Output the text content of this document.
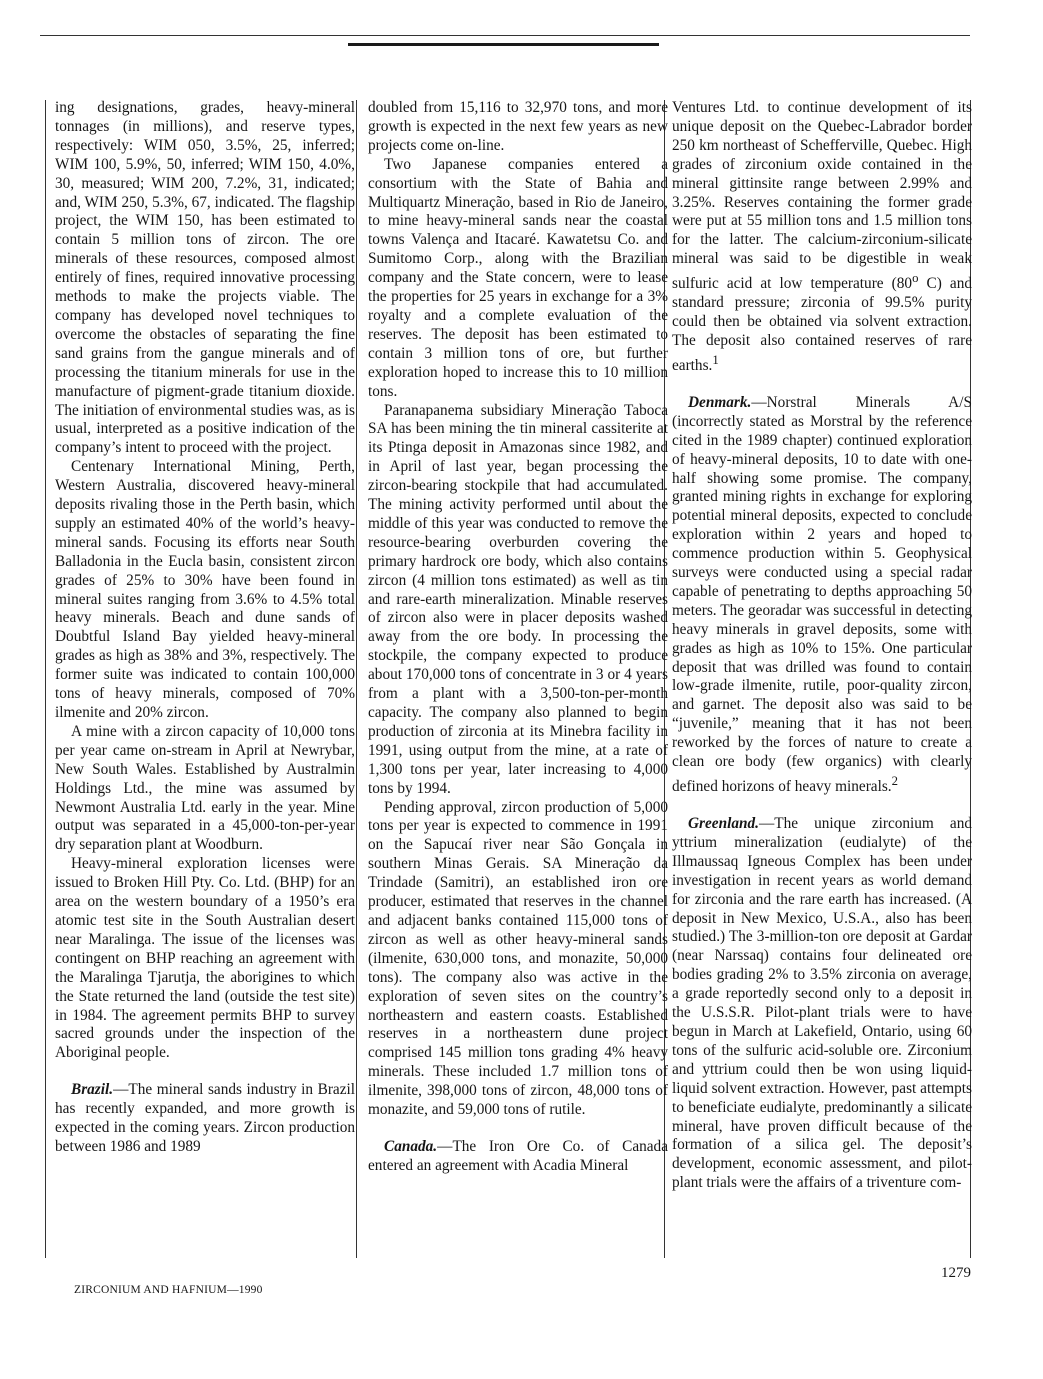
ing designations, grades, heavy-mineral tonnages (in millions), and reserve types, respectively: WIM 050, 3.5%, 25, inferred; WIM 100, 5.9%, 50, inferred; WIM 150, 4.0%, 30, measured; WIM 200, 7.2%, 31, indicated; and, WIM 250, 5.3%, 67, indicated. The flagship project, the WIM 150, has been estimated to contain 5 million tons of zircon. The ore minerals of these resources, composed almost entirely of fines, required innovative processing methods to make the projects viable. The company has developed novel techniques to overcome the obstacles of separating the fine sand grains from the gangue minerals and of processing the titanium minerals for use in the manufacture of pigment-grade titanium dioxide. The initiation of environmental studies was, as is usual, interpreted as a positive indication of the company’s intent to proceed with the project.

Centenary International Mining, Perth, Western Australia, discovered heavy-mineral deposits rivaling those in the Perth basin, which supply an estimated 40% of the world’s heavy-mineral sands. Focusing its efforts near South Balladonia in the Eucla basin, consistent zircon grades of 25% to 30% have been found in mineral suites ranging from 3.6% to 4.5% total heavy minerals. Beach and dune sands of Doubtful Island Bay yielded heavy-mineral grades as high as 38% and 3%, respectively. The former suite was indicated to contain 100,000 tons of heavy minerals, composed of 70% ilmenite and 20% zircon.

A mine with a zircon capacity of 10,000 tons per year came on-stream in April at Newrybar, New South Wales. Established by Australmin Holdings Ltd., the mine was assumed by Newmont Australia Ltd. early in the year. Mine output was separated in a 45,000-ton-per-year dry separation plant at Woodburn.

Heavy-mineral exploration licenses were issued to Broken Hill Pty. Co. Ltd. (BHP) for an area on the western boundary of a 1950’s era atomic test site in the South Australian desert near Maralinga. The issue of the licenses was contingent on BHP reaching an agreement with the Maralinga Tjarutja, the aborigines to which the State returned the land (outside the test site) in 1984. The agreement permits BHP to survey sacred grounds under the inspection of the Aboriginal people.

Brazil.—The mineral sands industry in Brazil has recently expanded, and more growth is expected in the coming years. Zircon production between 1986 and 1989

doubled from 15,116 to 32,970 tons, and more growth is expected in the next few years as new projects come on-line.

Two Japanese companies entered a consortium with the State of Bahia and Multiquartz Mineração, based in Rio de Janeiro, to mine heavy-mineral sands near the coastal towns Valença and Itacaré. Kawatetsu Co. and Sumitomo Corp., along with the Brazilian company and the State concern, were to lease the properties for 25 years in exchange for a 3% royalty and a complete evaluation of the reserves. The deposit has been estimated to contain 3 million tons of ore, but further exploration hoped to increase this to 10 million tons.

Paranapanema subsidiary Mineração Taboca SA has been mining the tin mineral cassiterite at its Ptinga deposit in Amazonas since 1982, and in April of last year, began processing the zircon-bearing stockpile that had accumulated. The mining activity performed until about the middle of this year was conducted to remove the resource-bearing overburden covering the primary hardrock ore body, which also contains zircon (4 million tons estimated) as well as tin and rare-earth mineralization. Minable reserves of zircon also were in placer deposits washed away from the ore body. In processing the stockpile, the company expected to produce about 170,000 tons of concentrate in 3 or 4 years from a plant with a 3,500-ton-per-month capacity. The company also planned to begin production of zirconia at its Minebra facility in 1991, using output from the mine, at a rate of 1,300 tons per year, later increasing to 4,000 tons by 1994.

Pending approval, zircon production of 5,000 tons per year is expected to commence in 1991 on the Sapucaí river near São Gonçala in southern Minas Gerais. SA Mineração da Trindade (Samitri), an established iron ore producer, estimated that reserves in the channel and adjacent banks contained 115,000 tons of zircon as well as other heavy-mineral sands (ilmenite, 630,000 tons, and monazite, 50,000 tons). The company also was active in the exploration of seven sites on the country’s northeastern and eastern coasts. Established reserves in a northeastern dune project comprised 145 million tons grading 4% heavy minerals. These included 1.7 million tons of ilmenite, 398,000 tons of zircon, 48,000 tons of monazite, and 59,000 tons of rutile.

Canada.—The Iron Ore Co. of Canada entered an agreement with Acadia Mineral

Ventures Ltd. to continue development of its unique deposit on the Quebec-Labrador border 250 km northeast of Schefferville, Quebec. High grades of zirconium oxide contained in the mineral gittinsite range between 2.99% and 3.25%. Reserves containing the former grade were put at 55 million tons and 1.5 million tons for the latter. The calcium-zirconium-silicate mineral was said to be digestible in weak sulfuric acid at low temperature (80$^o$ C) and standard pressure; zirconia of 99.5% purity could then be obtained via solvent extraction. The deposit also contained reserves of rare earths.$^1$

Denmark.—Norstral Minerals A/S (incorrectly stated as Morstral by the reference cited in the 1989 chapter) continued exploration of heavy-mineral deposits, 10 to date with one-half showing some promise. The company, granted mining rights in exchange for exploring potential mineral deposits, expected to conclude exploration within 2 years and hoped to commence production within 5. Geophysical surveys were conducted using a special radar capable of penetrating to depths approaching 50 meters. The georadar was successful in detecting heavy minerals in gravel deposits, some with grades as high as 10% to 15%. One particular deposit that was drilled was found to contain low-grade ilmenite, rutile, poor-quality zircon, and garnet. The deposit also was said to be “juvenile,” meaning that it has not been reworked by the forces of nature to create a clean ore body (few organics) with clearly defined horizons of heavy minerals.$^2$

Greenland.—The unique zirconium and yttrium mineralization (eudialyte) of the Illmaussaq Igneous Complex has been under investigation in recent years as world demand for zirconia and the rare earth has increased. (A deposit in New Mexico, U.S.A., also has been studied.) The 3-million-ton ore deposit at Gardar (near Narssaq) contains four delineated ore bodies grading 2% to 3.5% zirconia on average, a grade reportedly second only to a deposit in the U.S.S.R. Pilot-plant trials were to have begun in March at Lakefield, Ontario, using 60 tons of the sulfuric acid-soluble ore. Zirconium and yttrium could then be won using liquid-liquid solvent extraction. However, past attempts to beneficiate eudialyte, predominantly a silicate mineral, have proven difficult because of the formation of a silica gel. The deposit’s development, economic assessment, and pilot-plant trials were the affairs of a triventure com-

1279
ZIRCONIUM AND HAFNIUM—1990
